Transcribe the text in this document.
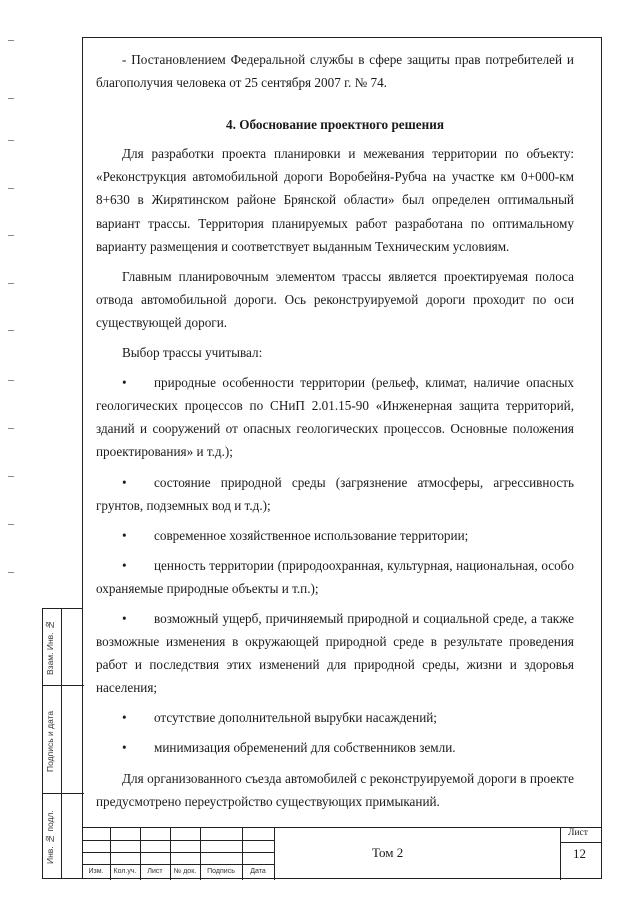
- Постановлением Федеральной службы в сфере защиты прав потребителей и благополучия человека от 25 сентября 2007 г. № 74.

4. Обоснование проектного решения

Для разработки проекта планировки и межевания территории по объекту: «Реконструкция автомобильной дороги Воробейня-Рубча на участке км 0+000-км 8+630 в Жирятинском районе Брянской области» был определен оптимальный вариант трассы. Территория планируемых работ разработана по оптимальному варианту размещения и соответствует выданным Техническим условиям.

Главным планировочным элементом трассы является проектируемая полоса отвода автомобильной дороги. Ось реконструируемой дороги проходит по оси существующей дороги.

Выбор трассы учитывал:

• природные особенности территории (рельеф, климат, наличие опасных геологических процессов по СНиП 2.01.15-90 «Инженерная защита территорий, зданий и сооружений от опасных геологических процессов. Основные положения проектирования» и т.д.);

• состояние природной среды (загрязнение атмосферы, агрессивность грунтов, подземных вод и т.д.);

• современное хозяйственное использование территории;

• ценность территории (природоохранная, культурная, национальная, особо охраняемые природные объекты и т.п.);

• возможный ущерб, причиняемый природной и социальной среде, а также возможные изменения в окружающей природной среде в результате проведения работ и последствия этих изменений для природной среды, жизни и здоровья населения;

• отсутствие дополнительной вырубки насаждений;

• минимизация обременений для собственников земли.

Для организованного съезда автомобилей с реконструируемой дороги в проекте предусмотрено переустройство существующих примыканий.

Взам. Инв. №
Подпись и дата
Инв. № подл.
Изм.	Кол.уч.	Лист	№ док.	Подпись	Дата
Том 2
Лист
12
